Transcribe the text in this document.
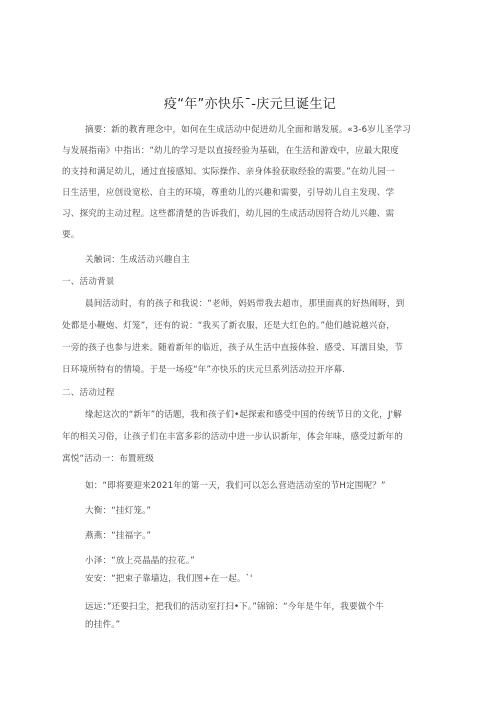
疫“年”亦快乐¯-庆元旦诞生记
摘要：新的教育理念中，如何在生成活动中促进幼儿全面和谐发展。«3-6岁儿圣学习
与发展指南》中指出：“幼儿的学习是以直接经验为基础，在生活和游戏中，应最大限度
的支持和满足幼儿，通过直接感知、实际操作、亲身体验获取经验的需要。”在幼儿园一
日生活里，应创设宽松、自主的环境，尊重幼儿的兴趣和需要，引导幼儿自主发现、学
习、探究的主动过程。这些都清楚的告诉我们，幼儿园的生成活动因符合幼儿兴趣、需
要。
关触词：生成活动兴趣自主
一、活动背景
晨间活动时，有的孩子和我说：“老师，妈妈带我去超市，那里面真的好热闹呀，到
处都是小鞭炮、灯笼”，还有的说：“我买了新衣服，还是大红色的。”他们越说越兴奋，
一旁的孩子也参与进来。随着新年的临近，孩子从生活中直接体验、感受、耳濡目染，节
日环境所特有的情境。于是一场疫“年”亦快乐的庆元旦系列活动拉开序幕.
二、活动过程
缘起这次的“新年”的话题，我和孩子们•起探索和感受中国的传统节日的文化，J'解
年的相关习俗，让孩子们在丰富多彩的活动中进一步认识新年，体会年味，感受过新年的
寓悦“活动一：布置班级
如：“即将要迎来2021年的第一天，我们可以怎么营造活动室的节H定围呢？”
大衡：“挂灯笼。”
燕燕：“挂福字。”
小泽：“放上亮晶晶的拉花。”
安安：“把束子靠墙边，我们图+在一起。`'
远远：”还要扫尘，把我们的活动室打扫•下。”锦锦：“今年是牛年，我要做个牛
的挂件。”
